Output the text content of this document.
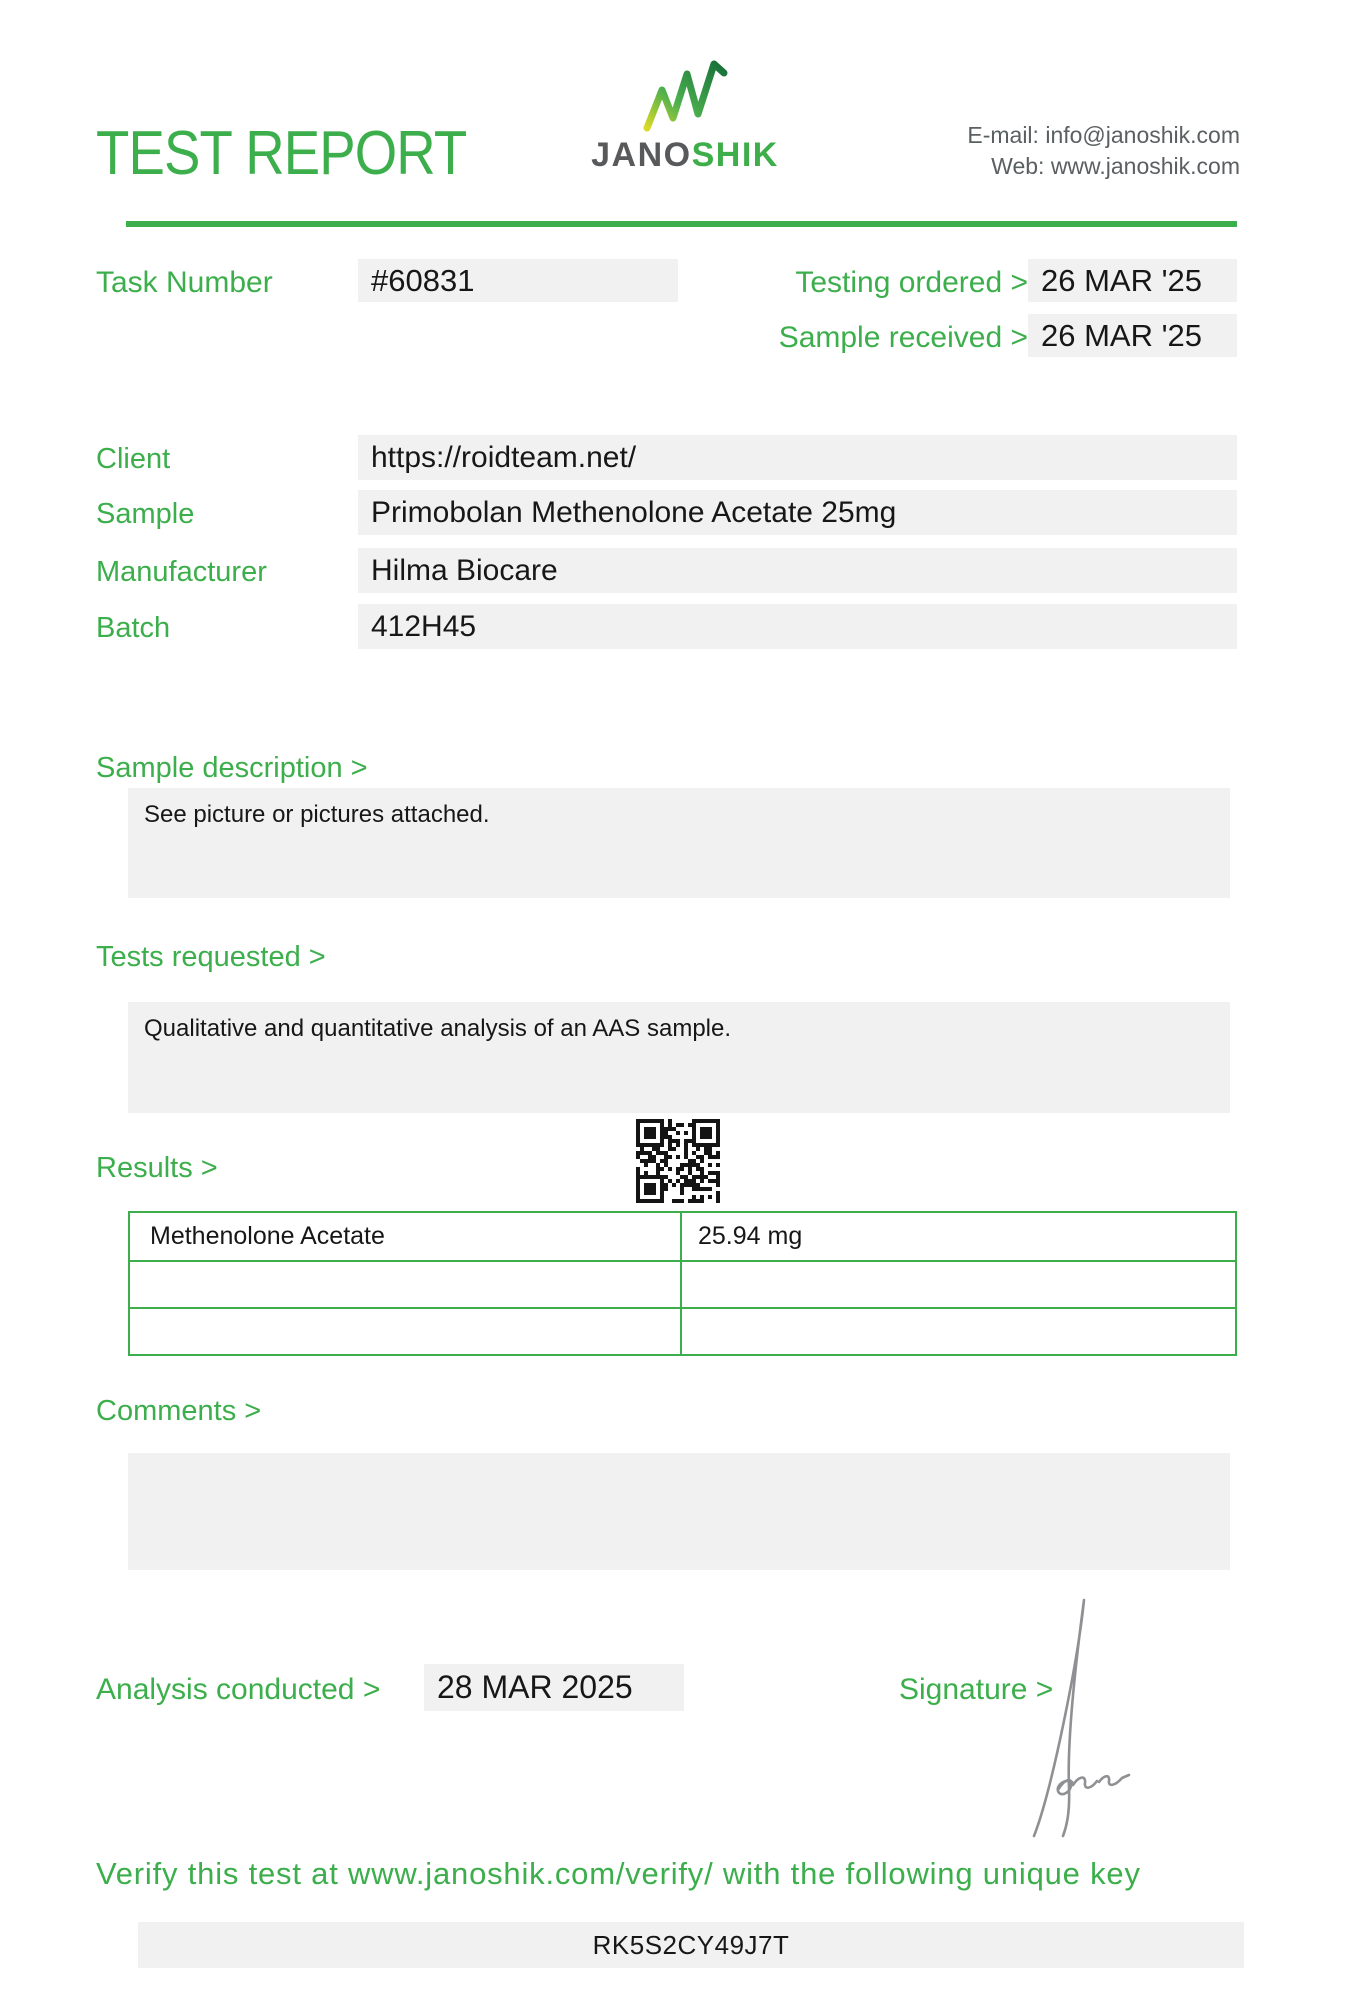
TEST REPORT	JANOSHIK
E-mail: info@janoshik.com
Web: www.janoshik.com
Task Number	#60831	Testing ordered > 26 MAR '25
Sample received > 26 MAR '25
Client	https://roidteam.net/
Sample	Primobolan Methenolone Acetate 25mg
Manufacturer	Hilma Biocare
Batch	412H45
Sample description >
See picture or pictures attached.
Tests requested >
Qualitative and quantitative analysis of an AAS sample.
Results >
Methenolone Acetate	25.94 mg
Comments >
Analysis conducted >	28 MAR 2025	Signature >
Verify this test at www.janoshik.com/verify/ with the following unique key
RK5S2CY49J7T
